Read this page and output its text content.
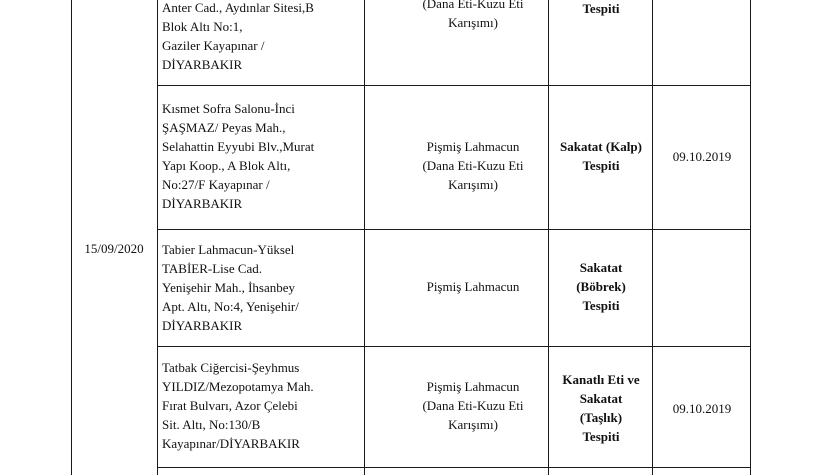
15/09/2020
Anter Cad., Aydınlar Sitesi,B
Blok Altı No:1,
Gaziler Kayapınar /
DİYARBAKIR
(Dana Eti-Kuzu Eti
Karışımı)
Tespiti
Kısmet Sofra Salonu-İnci
ŞAŞMAZ/ Peyas Mah.,
Selahattin Eyyubi Blv.,Murat
Yapı Koop., A Blok Altı,
No:27/F Kayapınar /
DİYARBAKIR
Pişmiş Lahmacun
(Dana Eti-Kuzu Eti
Karışımı)
Sakatat (Kalp)
Tespiti
09.10.2019
Tabier Lahmacun-Yüksel
TABİER-Lise Cad.
Yenişehir Mah., İhsanbey
Apt. Altı, No:4, Yenişehir/
DİYARBAKIR
Pişmiş Lahmacun
Sakatat
(Böbrek)
Tespiti
Tatbak Ciğercisi-Şeyhmus
YILDIZ/Mezopotamya Mah.
Fırat Bulvarı, Azor Çelebi
Sit. Altı, No:130/B
Kayapınar/DİYARBAKIR
Pişmiş Lahmacun
(Dana Eti-Kuzu Eti
Karışımı)
Kanatlı Eti ve
Sakatat
(Taşlık)
Tespiti
09.10.2019
